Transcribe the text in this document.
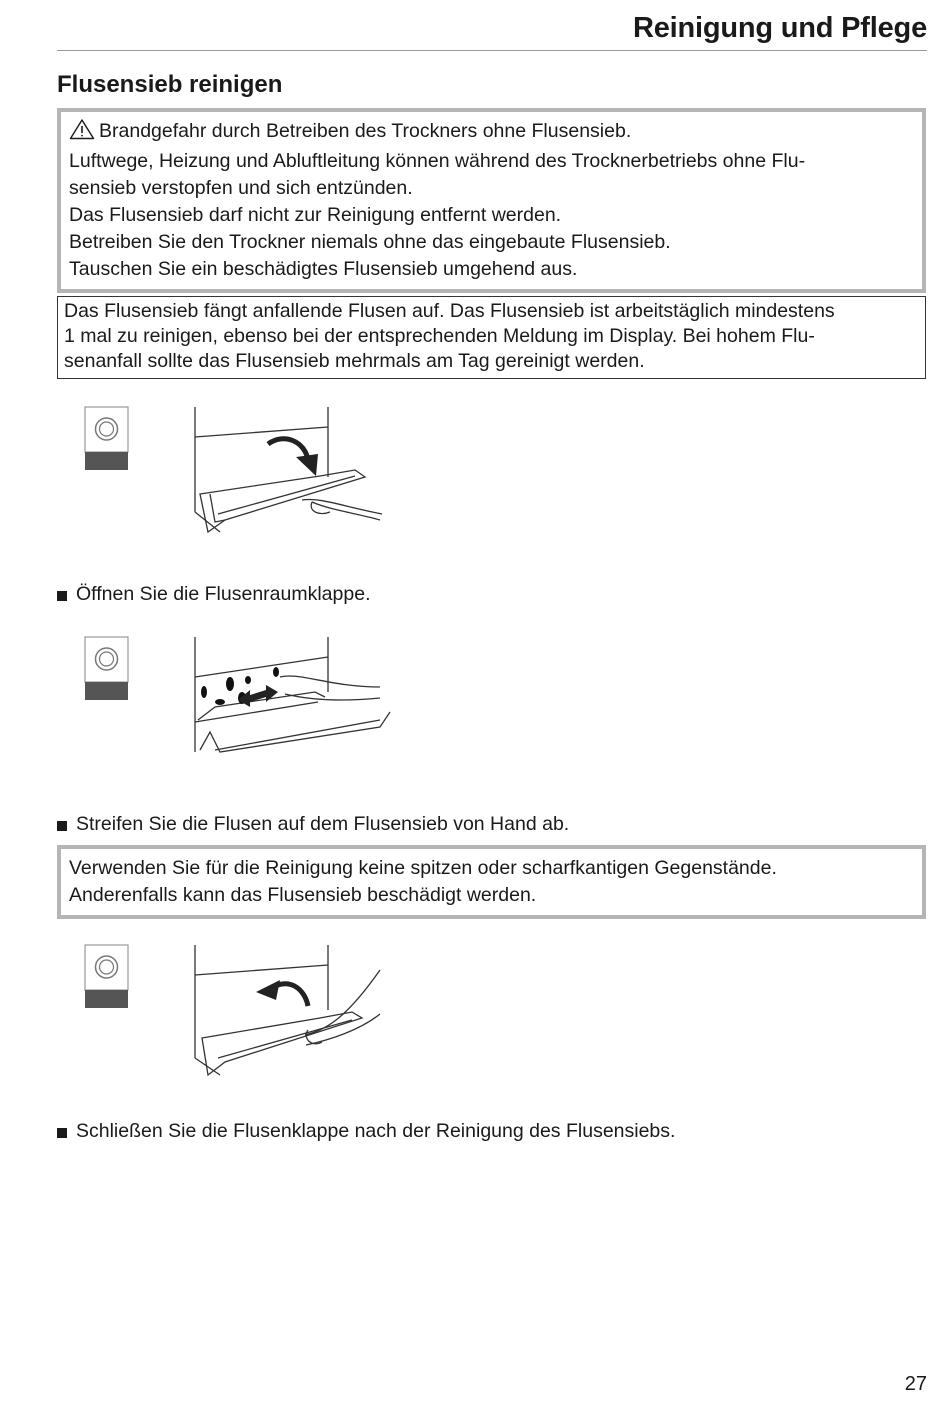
Reinigung und Pflege
Flusensieb reinigen

Brandgefahr durch Betreiben des Trockners ohne Flusensieb.

Luftwege, Heizung und Abluftleitung können während des Trocknerbetriebs ohne Flu-

sensieb verstopfen und sich entzünden.

Das Flusensieb darf nicht zur Reinigung entfernt werden.

Betreiben Sie den Trockner niemals ohne das eingebaute Flusensieb.

Tauschen Sie ein beschädigtes Flusensieb umgehend aus.

Das Flusensieb fängt anfallende Flusen auf. Das Flusensieb ist arbeitstäglich mindestens

1 mal zu reinigen, ebenso bei der entsprechenden Meldung im Display. Bei hohem Flu-

senanfall sollte das Flusensieb mehrmals am Tag gereinigt werden.

Öffnen Sie die Flusenraumklappe.
Streifen Sie die Flusen auf dem Flusensieb von Hand ab.

Verwenden Sie für die Reinigung keine spitzen oder scharfkantigen Gegenstände.

Anderenfalls kann das Flusensieb beschädigt werden.

Schließen Sie die Flusenklappe nach der Reinigung des Flusensiebs.
27
